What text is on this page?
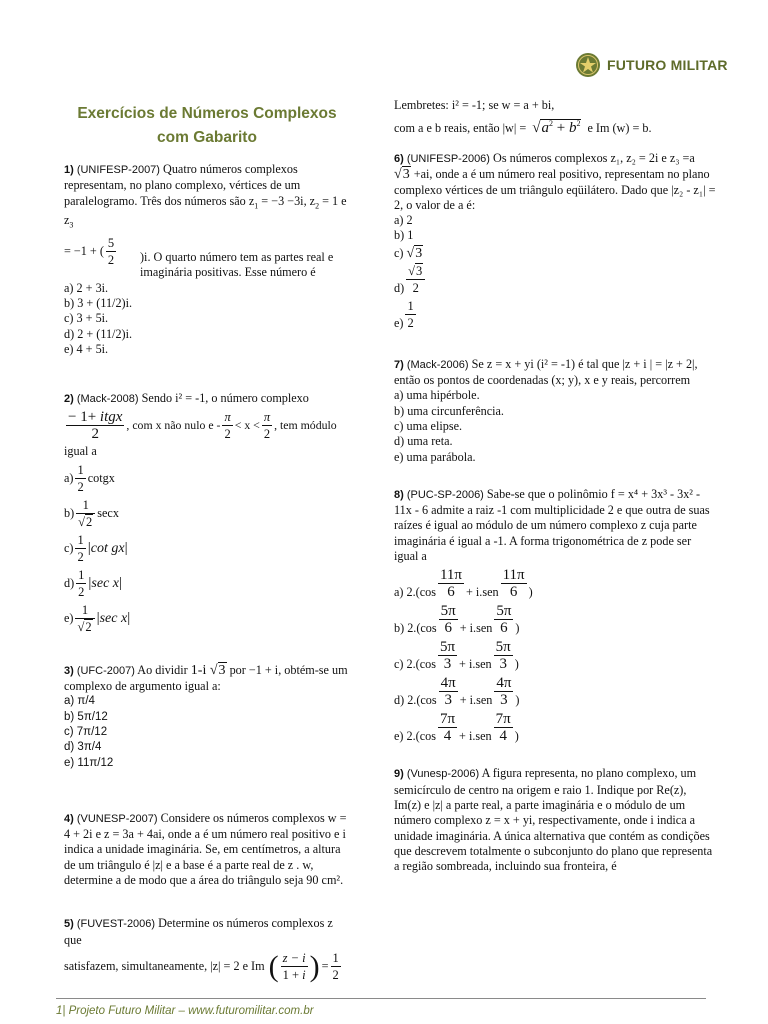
FUTURO MILITAR
Exercícios de Números Complexos com Gabarito
1) (UNIFESP-2007) Quatro números complexos representam, no plano complexo, vértices de um paralelogramo. Três dos números são $z_1 = -3 -3i$, $z_2 = 1$ e $z_3$
= −1 + ( $\frac{5}{2} )i$. O quarto número tem as partes real e imaginária positivas. Esse número é
a) 2 + 3i.
b) 3 + (11/2)i.
c) 3 + 5i.
d) 2 + (11/2)i.
e) 4 + 5i.
2) (Mack-2008) Sendo i² = -1, o número complexo
$\frac{\text{− 1+ itgx}}{2}$ , com x não nulo $e - \frac{\pi}{2} < x < \frac{\pi}{2}$ , tem módulo
igual a
$a) \frac{1}{2}$ cotgx
$b) \frac{1}{√2}$ secx
$c) \frac{1}{2}$ | cot gx |
$d) \frac{1}{2}$ | sec x |
$e) \frac{1}{√2}$ | sec x |
3) (UFC-2007) Ao dividir 1-i √3 por −1 + i, obtém-se um complexo de argumento igual a:
a) π/4
b) 5π/12
c) 7π/12
d) 3π/4
e) 11π/12
4) (VUNESP-2007) Considere os números complexos w = 4 + 2i e z = 3a + 4ai, onde a é um número real positivo e i indica a unidade imaginária. Se, em centímetros, a altura de um triângulo é |z| e a base é a parte real de z . w, determine a de modo que a área do triângulo seja 90 cm².
5) (FUVEST-2006) Determine os números complexos z que
satisfazem, simultaneamente, |z| = 2 e Im ( $\frac{z - i}{1 + i}$ ) = $\frac{1}{2}$
Lembretes: i² = -1; se w = a + bi,
com a e b reais, então $|w| = √a^2 + b^2$ e Im (w) = b.
6) (UNIFESP-2006) Os números complexos z₁, z₂ = 2i e z₃ =a
√3 +ai, onde a é um número real positivo, representam no plano complexo vértices de um triângulo eqüilátero. Dado que |z₂ - z₁| = 2, o valor de a é:
a) 2
b) 1
c)
√3
$d) \frac{√3}{2}$
$e) \frac{1}{2}$
7) (Mack-2006) Se z = x + yi (i² = -1) é tal que |z + i | = |z + 2|, então os pontos de coordenadas (x; y), x e y reais, percorrem
a) uma hipérbole.
b) uma circunferência.
c) uma elipse.
d) uma reta.
e) uma parábola.
8) (PUC-SP-2006) Sabe-se que o polinômio f = x⁴ + 3x³ - 3x² - 11x - 6 admite a raiz -1 com multiplicidade 2 e que outra de suas raízes é igual ao módulo de um número complexo z cuja parte imaginária é igual a -1. A forma trigonométrica de z pode ser igual a
a) $2.(\cos \frac{11\pi}{6} + i.sen \frac{11\pi}{6}$ )
b) $2.(\cos \frac{5\pi}{6} + i.sen \frac{5\pi}{6}$ )
c) $2.(\cos \frac{5\pi}{3} + i.sen \frac{5\pi}{3}$ )
d) $2.(\cos \frac{4\pi}{3} + i.sen \frac{4\pi}{3}$ )
e) $2.(\cos \frac{7\pi}{4} + i.sen \frac{7\pi}{4}$ )
9) (Vunesp-2006) A figura representa, no plano complexo, um semicírculo de centro na origem e raio 1. Indique por Re(z), Im(z) e |z| a parte real, a parte imaginária e o módulo de um número complexo z = x + yi, respectivamente, onde i indica a unidade imaginária. A única alternativa que contém as condições que descrevem totalmente o subconjunto do plano que representa a região sombreada, incluindo sua fronteira, é
1| Projeto Futuro Militar – www.futuromilitar.com.br
